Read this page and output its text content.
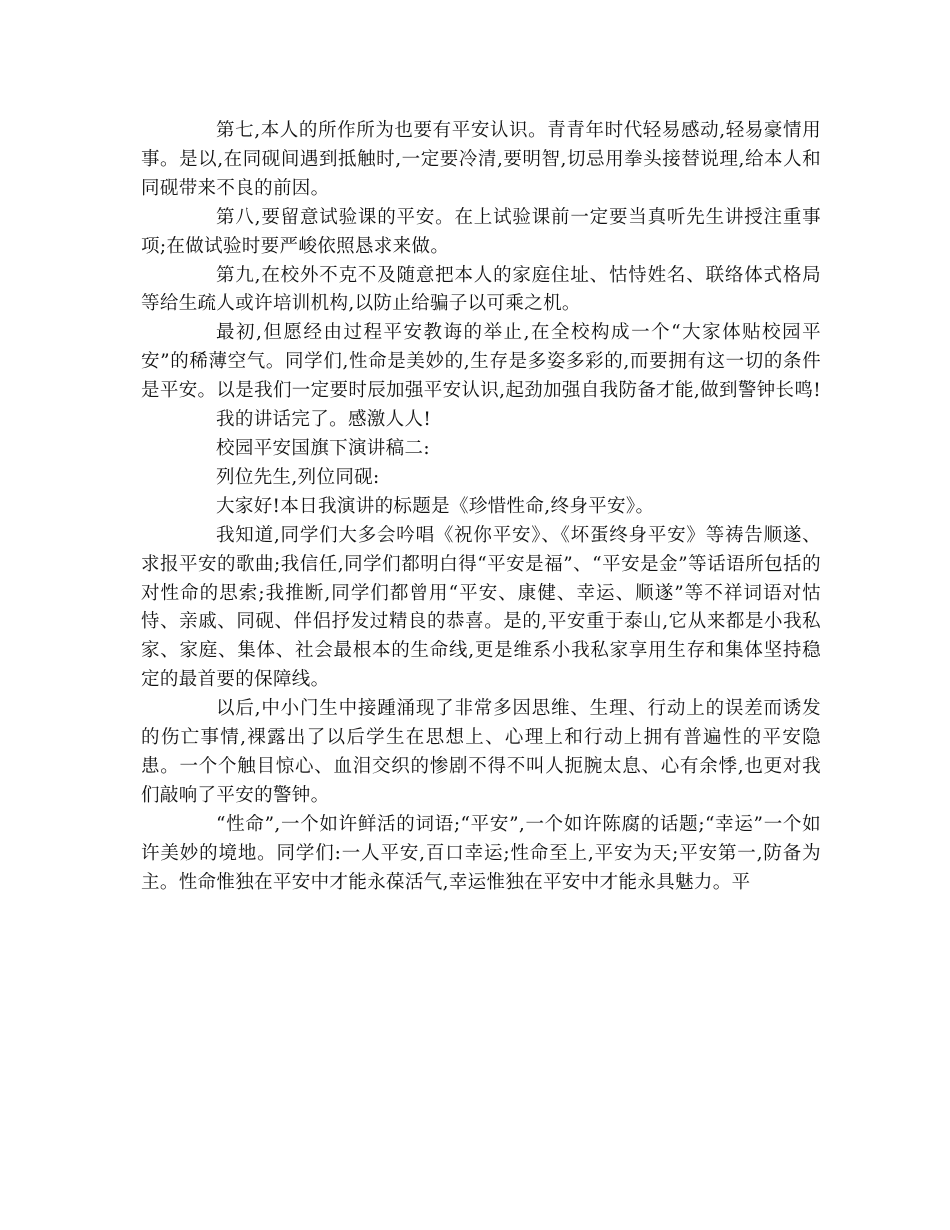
第七,本人的所作所为也要有平安认识。青青年时代轻易感动,轻易豪情用事。是以,在同砚间遇到抵触时,一定要冷清,要明智,切忌用拳头接替说理,给本人和同砚带来不良的前因。

第八,要留意试验课的平安。在上试验课前一定要当真听先生讲授注重事项;在做试验时要严峻依照恳求来做。

第九,在校外不克不及随意把本人的家庭住址、怙恃姓名、联络体式格局等给生疏人或许培训机构,以防止给骗子以可乘之机。

最初,但愿经由过程平安教诲的举止,在全校构成一个“大家体贴校园平安”的稀薄空气。同学们,性命是美妙的,生存是多姿多彩的,而要拥有这一切的条件是平安。以是我们一定要时辰加强平安认识,起劲加强自我防备才能,做到警钟长鸣!

我的讲话完了。感激人人!

校园平安国旗下演讲稿二:

列位先生,列位同砚:

大家好!本日我演讲的标题是《珍惜性命,终身平安》。

我知道,同学们大多会吟唱《祝你平安》、《坏蛋终身平安》等祷告顺遂、求报平安的歌曲;我信任,同学们都明白得“平安是福”、“平安是金”等话语所包括的对性命的思索;我推断,同学们都曾用“平安、康健、幸运、顺遂”等不祥词语对怙恃、亲戚、同砚、伴侣抒发过精良的恭喜。是的,平安重于泰山,它从来都是小我私家、家庭、集体、社会最根本的生命线,更是维系小我私家享用生存和集体坚持稳定的最首要的保障线。

以后,中小门生中接踵涌现了非常多因思维、生理、行动上的误差而诱发的伤亡事情,裸露出了以后学生在思想上、心理上和行动上拥有普遍性的平安隐患。一个个触目惊心、血泪交织的惨剧不得不叫人扼腕太息、心有余悸,也更对我们敲响了平安的警钟。

“性命”,一个如许鲜活的词语;“平安”,一个如许陈腐的话题;“幸运”一个如许美妙的境地。同学们:一人平安,百口幸运;性命至上,平安为天;平安第一,防备为主。性命惟独在平安中才能永葆活气,幸运惟独在平安中才能永具魅力。平
